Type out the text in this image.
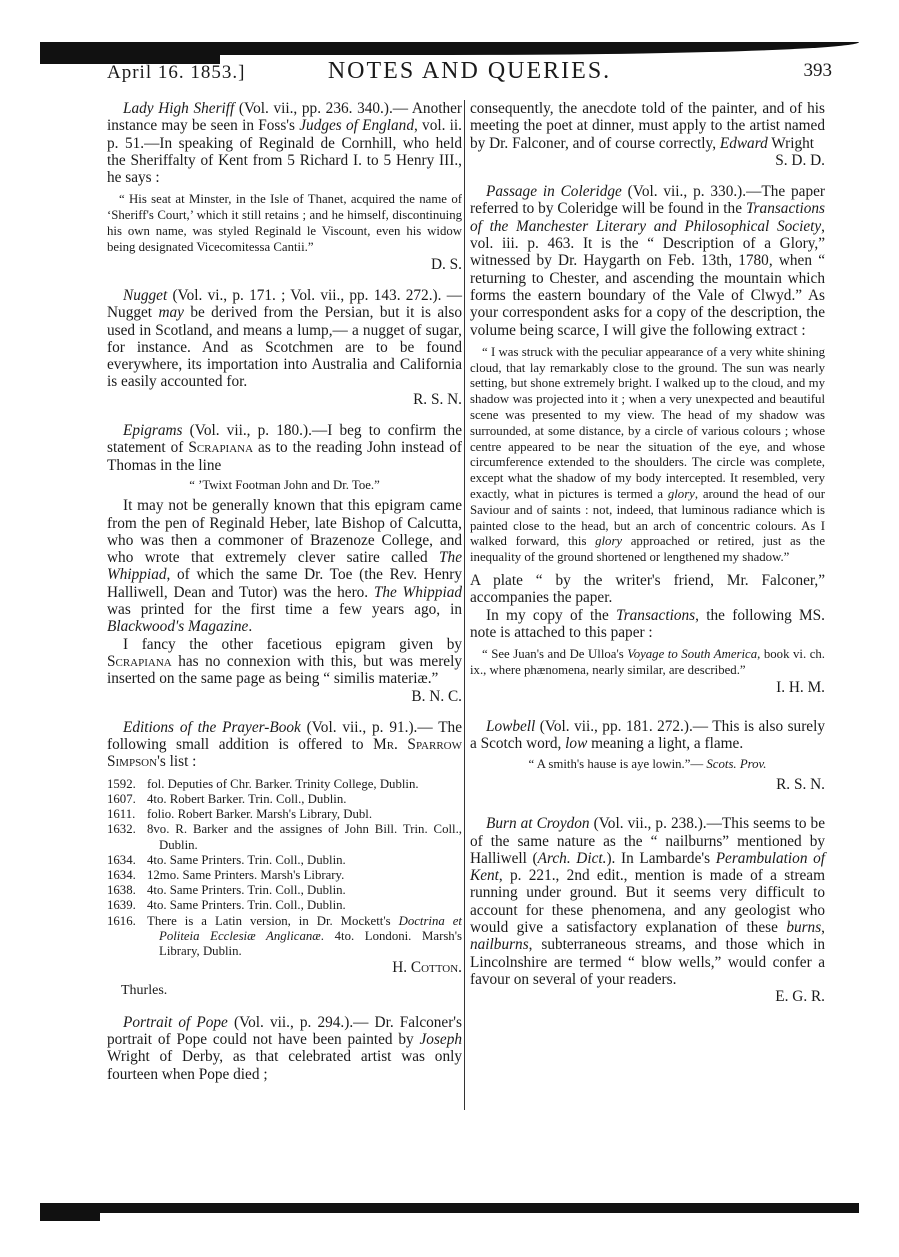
April 16. 1853.]	NOTES AND QUERIES.	393

Lady High Sheriff (Vol. vii., pp. 236. 340.).— Another instance may be seen in Foss's Judges of England, vol. ii. p. 51.—In speaking of Reginald de Cornhill, who held the Sheriffalty of Kent from 5 Richard I. to 5 Henry III., he says :

“ His seat at Minster, in the Isle of Thanet, acquired the name of ‘Sheriff's Court,’ which it still retains ; and he himself, discontinuing his own name, was styled Reginald le Viscount, even his widow being designated Vicecomitessa Cantii.”

D. S.

Nugget (Vol. vi., p. 171. ; Vol. vii., pp. 143. 272.). —Nugget may be derived from the Persian, but it is also used in Scotland, and means a lump,— a nugget of sugar, for instance. And as Scotchmen are to be found everywhere, its importation into Australia and California is easily accounted for.

R. S. N.

Epigrams (Vol. vii., p. 180.).—I beg to confirm the statement of Scrapiana as to the reading John instead of Thomas in the line

“ ’Twixt Footman John and Dr. Toe.”

It may not be generally known that this epigram came from the pen of Reginald Heber, late Bishop of Calcutta, who was then a commoner of Brazenoze College, and who wrote that extremely clever satire called The Whippiad, of which the same Dr. Toe (the Rev. Henry Halliwell, Dean and Tutor) was the hero. The Whippiad was printed for the first time a few years ago, in Blackwood's Magazine.

I fancy the other facetious epigram given by Scrapiana has no connexion with this, but was merely inserted on the same page as being “ similis materiæ.”

B. N. C.

Editions of the Prayer-Book (Vol. vii., p. 91.).— The following small addition is offered to Mr. Sparrow Simpson's list :

1592. fol. Deputies of Chr. Barker. Trinity College, Dublin.
1607. 4to. Robert Barker. Trin. Coll., Dublin.
1611. folio. Robert Barker. Marsh's Library, Dubl.
1632. 8vo. R. Barker and the assignes of John Bill. Trin. Coll., Dublin.
1634. 4to. Same Printers. Trin. Coll., Dublin.
1634. 12mo. Same Printers. Marsh's Library.
1638. 4to. Same Printers. Trin. Coll., Dublin.
1639. 4to. Same Printers. Trin. Coll., Dublin.
1616. There is a Latin version, in Dr. Mockett's Doctrina et Politeia Ecclesiæ Anglicanæ. 4to. Londoni. Marsh's Library, Dublin.

H. Cotton.

Thurles.

Portrait of Pope (Vol. vii., p. 294.).— Dr. Falconer's portrait of Pope could not have been painted by Joseph Wright of Derby, as that celebrated artist was only fourteen when Pope died ;

consequently, the anecdote told of the painter, and of his meeting the poet at dinner, must apply to the artist named by Dr. Falconer, and of course correctly, Edward Wright

S. D. D.

Passage in Coleridge (Vol. vii., p. 330.).—The paper referred to by Coleridge will be found in the Transactions of the Manchester Literary and Philosophical Society, vol. iii. p. 463. It is the “ Description of a Glory,” witnessed by Dr. Haygarth on Feb. 13th, 1780, when “ returning to Chester, and ascending the mountain which forms the eastern boundary of the Vale of Clwyd.” As your correspondent asks for a copy of the description, the volume being scarce, I will give the following extract :

“ I was struck with the peculiar appearance of a very white shining cloud, that lay remarkably close to the ground. The sun was nearly setting, but shone extremely bright. I walked up to the cloud, and my shadow was projected into it ; when a very unexpected and beautiful scene was presented to my view. The head of my shadow was surrounded, at some distance, by a circle of various colours ; whose centre appeared to be near the situation of the eye, and whose circumference extended to the shoulders. The circle was complete, except what the shadow of my body intercepted. It resembled, very exactly, what in pictures is termed a glory, around the head of our Saviour and of saints : not, indeed, that luminous radiance which is painted close to the head, but an arch of concentric colours. As I walked forward, this glory approached or retired, just as the inequality of the ground shortened or lengthened my shadow.”

A plate “ by the writer's friend, Mr. Falconer,” accompanies the paper.

In my copy of the Transactions, the following MS. note is attached to this paper :

“ See Juan's and De Ulloa's Voyage to South America, book vi. ch. ix., where phænomena, nearly similar, are described.”

I. H. M.

Lowbell (Vol. vii., pp. 181. 272.).— This is also surely a Scotch word, low meaning a light, a flame.

“ A smith's hause is aye lowin.”— Scots. Prov.

R. S. N.

Burn at Croydon (Vol. vii., p. 238.).—This seems to be of the same nature as the “ nailburns” mentioned by Halliwell (Arch. Dict.). In Lambarde's Perambulation of Kent, p. 221., 2nd edit., mention is made of a stream running under ground. But it seems very difficult to account for these phenomena, and any geologist who would give a satisfactory explanation of these burns, nailburns, subterraneous streams, and those which in Lincolnshire are termed “ blow wells,” would confer a favour on several of your readers.

E. G. R.
